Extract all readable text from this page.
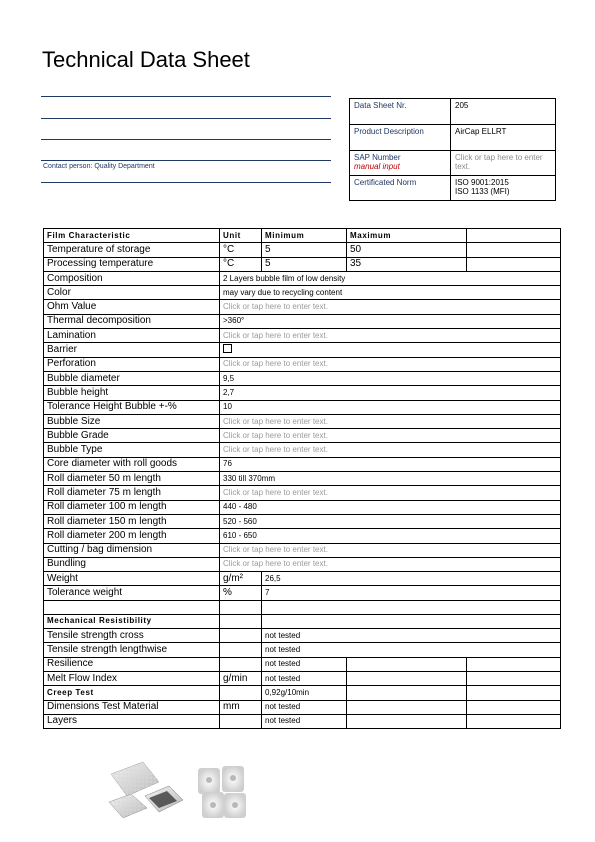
Technical Data Sheet
Contact person: Quality Department
Data Sheet Nr.	205
Product Description	AirCap ELLRT

SAP Number
manual input	Click or tap here to enter text.
Certificated Norm	ISO 9001:2015
ISO 1133 (MFI)
Film Characteristic	Unit	Minimum	Maximum	
Temperature of storage	°C	5	50	
Processing temperature	°C	5	35	
Composition	2 Layers bubble film of low density			
Color	may vary due to recycling content			
Ohm Value	Click or tap here to enter text.			
Thermal decomposition	>360°			
Lamination	Click or tap here to enter text.			
Barrier				
Perforation	Click or tap here to enter text.			
Bubble diameter	9,5			
Bubble height	2,7			
Tolerance Height Bubble +-%	10			
Bubble Size	Click or tap here to enter text.			
Bubble Grade	Click or tap here to enter text.			
Bubble Type	Click or tap here to enter text.			
Core diameter with roll goods	76			
Roll diameter 50 m length	330 till 370mm			
Roll diameter 75 m length	Click or tap here to enter text.			
Roll diameter 100 m length	440 - 480			
Roll diameter 150 m length	520 - 560			
Roll diameter 200 m length	610 - 650			
Cutting / bag dimension	Click or tap here to enter text.			
Bundling	Click or tap here to enter text.			
Weight	g/m²	26,5		
Tolerance weight	%	7		

Mechanical Resistibility				
Tensile strength cross		not tested		
Tensile strength lengthwise		not tested		
Resilience		not tested		
Melt Flow Index	g/min	not tested		
Creep Test		0,92g/10min		
Dimensions Test Material	mm	not tested		
Layers		not tested		
